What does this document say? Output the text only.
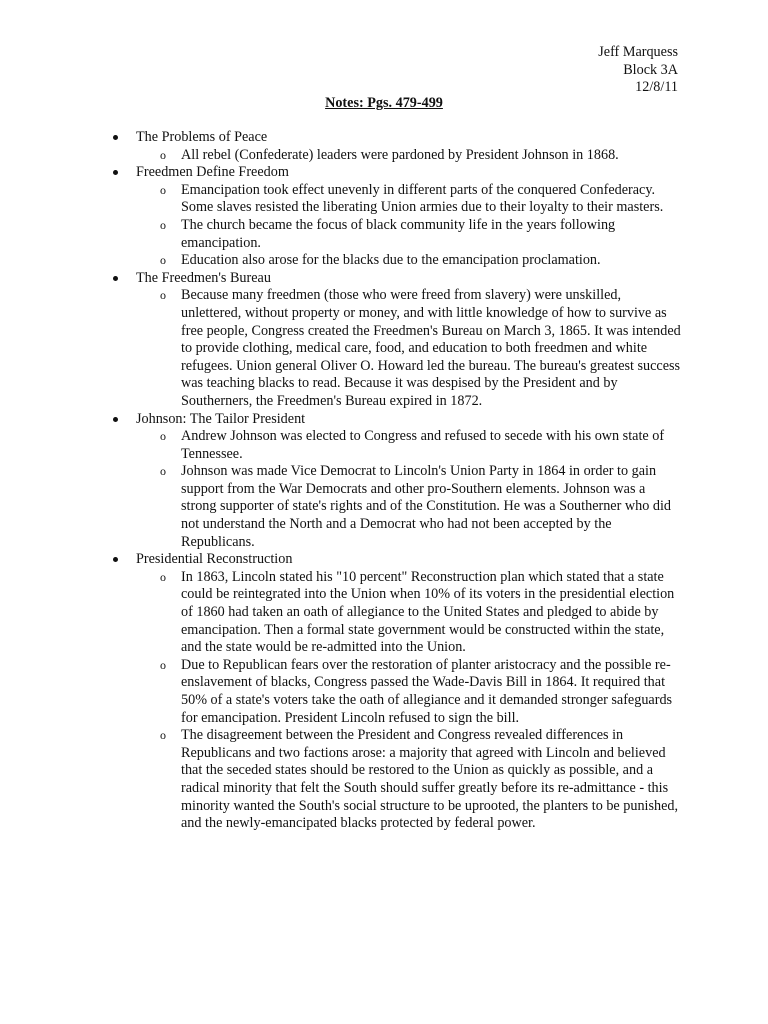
Jeff Marquess
Block 3A
12/8/11
Notes: Pgs. 479-499
The Problems of Peace
o All rebel (Confederate) leaders were pardoned by President Johnson in 1868.
Freedmen Define Freedom
o Emancipation took effect unevenly in different parts of the conquered Confederacy. Some slaves resisted the liberating Union armies due to their loyalty to their masters.
o The church became the focus of black community life in the years following emancipation.
o Education also arose for the blacks due to the emancipation proclamation.
The Freedmen's Bureau
o Because many freedmen (those who were freed from slavery) were unskilled, unlettered, without property or money, and with little knowledge of how to survive as free people, Congress created the Freedmen's Bureau on March 3, 1865. It was intended to provide clothing, medical care, food, and education to both freedmen and white refugees. Union general Oliver O. Howard led the bureau. The bureau's greatest success was teaching blacks to read. Because it was despised by the President and by Southerners, the Freedmen's Bureau expired in 1872.
Johnson: The Tailor President
o Andrew Johnson was elected to Congress and refused to secede with his own state of Tennessee.
o Johnson was made Vice Democrat to Lincoln's Union Party in 1864 in order to gain support from the War Democrats and other pro-Southern elements. Johnson was a strong supporter of state's rights and of the Constitution. He was a Southerner who did not understand the North and a Democrat who had not been accepted by the Republicans.
Presidential Reconstruction
o In 1863, Lincoln stated his "10 percent" Reconstruction plan which stated that a state could be reintegrated into the Union when 10% of its voters in the presidential election of 1860 had taken an oath of allegiance to the United States and pledged to abide by emancipation. Then a formal state government would be constructed within the state, and the state would be re-admitted into the Union.
o Due to Republican fears over the restoration of planter aristocracy and the possible re-enslavement of blacks, Congress passed the Wade-Davis Bill in 1864. It required that 50% of a state's voters take the oath of allegiance and it demanded stronger safeguards for emancipation. President Lincoln refused to sign the bill.
o The disagreement between the President and Congress revealed differences in Republicans and two factions arose: a majority that agreed with Lincoln and believed that the seceded states should be restored to the Union as quickly as possible, and a radical minority that felt the South should suffer greatly before its re-admittance - this minority wanted the South's social structure to be uprooted, the planters to be punished, and the newly-emancipated blacks protected by federal power.
